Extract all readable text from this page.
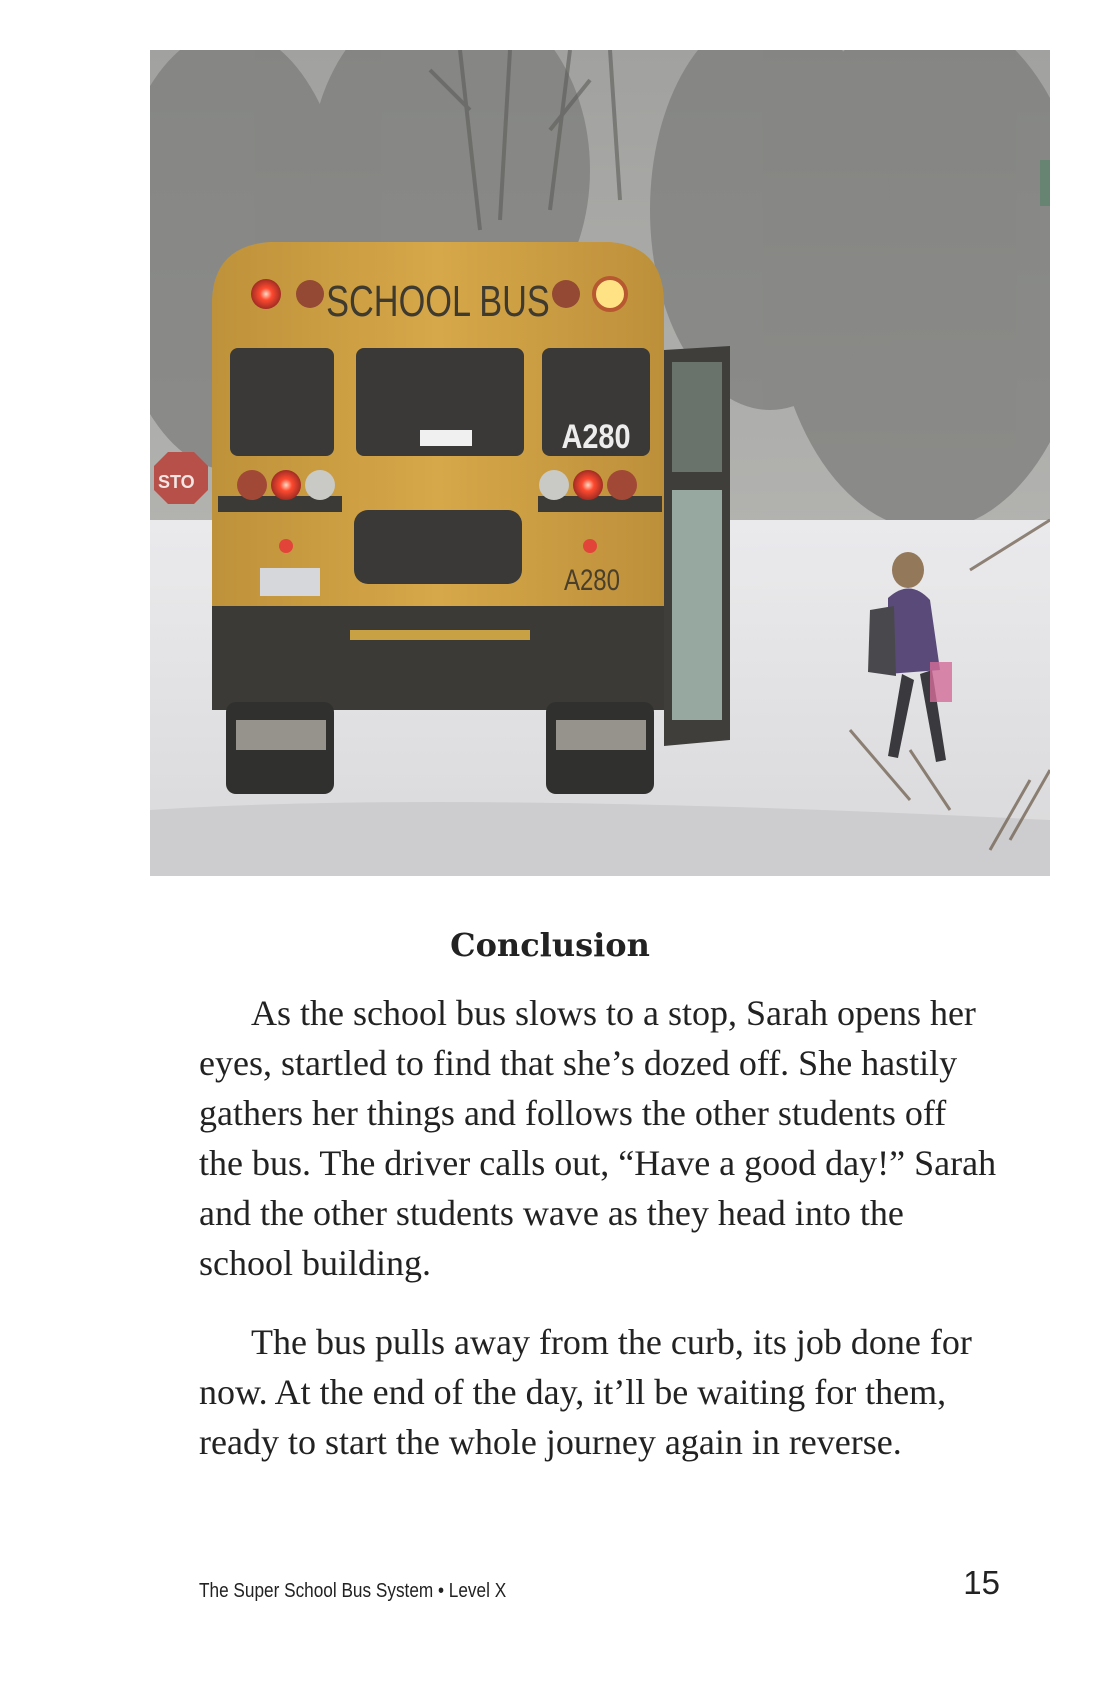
STO
SCHOOL BUS
A280
A280
Conclusion

As the school bus slows to a stop, Sarah opens her eyes, startled to find that she’s dozed off. She hastily gathers her things and follows the other students off the bus. The driver calls out, “Have a good day!” Sarah and the other students wave as they head into the school building.

The bus pulls away from the curb, its job done for now. At the end of the day, it’ll be waiting for them, ready to start the whole journey again in reverse.

The Super School Bus System • Level X	15
